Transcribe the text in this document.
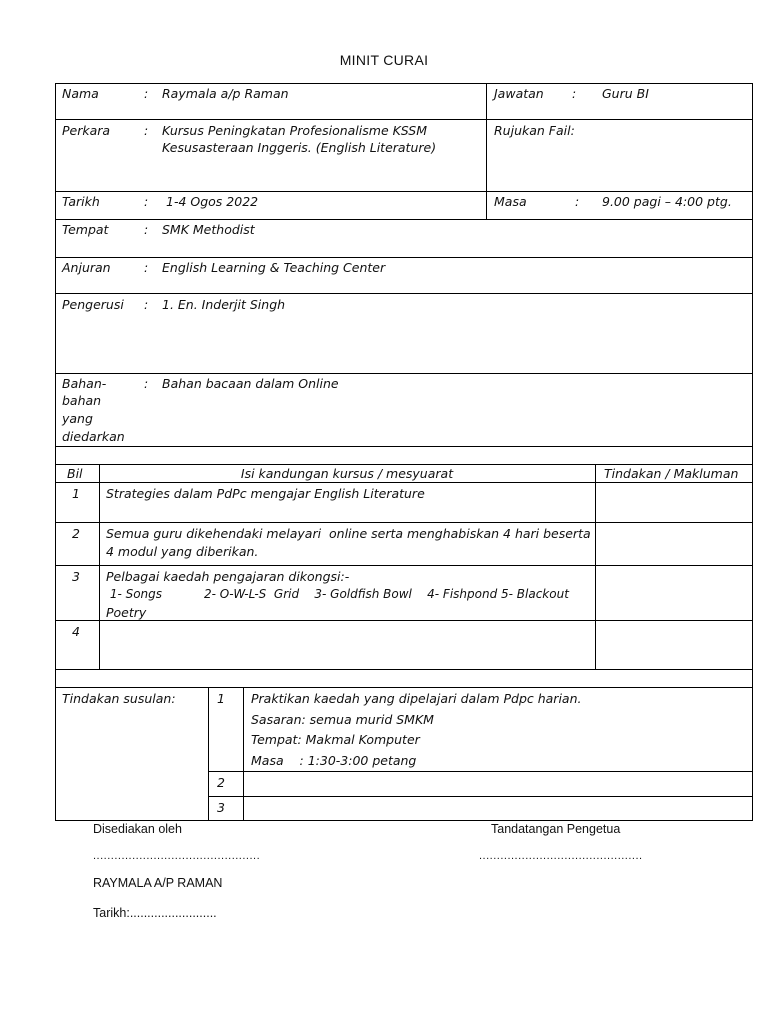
MINIT CURAI
Nama	: Raymala a/p Raman	Jawatan : Guru BI
Perkara	: Kursus Peningkatan Profesionalisme KSSM
Kesusasteraan Inggeris. (English Literature)
Rujukan Fail:
Tarikh	: 1-4 Ogos 2022	Masa	: 9.00 pagi – 4:00 ptg.
Tempat	: SMK Methodist
Anjuran	: English Learning & Teaching Center
Pengerusi : 1. En. Inderjit Singh
Bahan-
bahan
yang
diedarkan
: Bahan bacaan dalam Online
Bil	Isi kandungan kursus / mesyuarat	Tindakan / Makluman
1 Strategies dalam PdPc mengajar English Literature
2 Semua guru dikehendaki melayari  online serta menghabiskan 4 hari beserta
4 modul yang diberikan.
3 Pelbagai kaedah pengajaran dikongsi:-
1- Songs           2- O-W-L-S  Grid    3- Goldfish Bowl    4- Fishpond 5- Blackout
Poetry
4
Tindakan susulan:	1 Praktikan kaedah yang dipelajari dalam Pdpc harian.
Sasaran: semua murid SMKM
Tempat: Makmal Komputer
Masa    : 1:30-3:00 petang
2
3
Disediakan oleh	Tandatangan Pengetua
...............................................	..............................................
RAYMALA A/P RAMAN
Tarikh:.........................
